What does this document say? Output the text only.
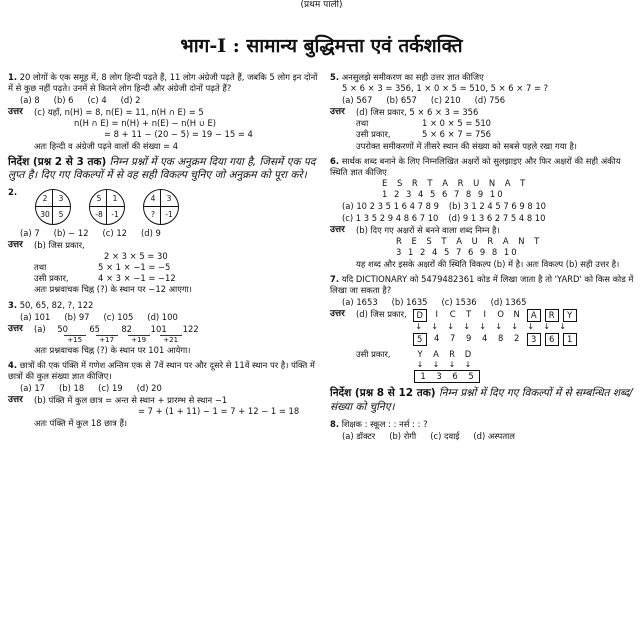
(प्रथम पाली)
भाग-I : सामान्य बुद्धिमत्ता एवं तर्कशक्ति

1. 20 लोगों के एक समूह में, 8 लोग हिन्दी पढ़ते हैं, 11 लोग अंग्रेजी पढ़ते हैं, जबकि 5 लोग इन दोनों में से कुछ नहीं पढ़ते। उनमें से कितने लोग हिन्दी और अंग्रेजी दोनों पढ़ते हैं?

(a) 8 (b) 6 (c) 4 (d) 2
उत्तर	(c) यहाँ, n(H) = 8, n(E) = 11, n(H ∩ E) = 5

n(H ∩ E) = n(H) + n(E) − n(H ∪ E)

= 8 + 11 − (20 − 5) = 19 − 15 = 4

अतः हिन्दी व अंग्रेजी पढ़ने वालों की संख्या = 4

निर्देश (प्रश्न 2 से 3 तक) निम्न प्रश्नों में एक अनुक्रम दिया गया है, जिसमें एक पद लुप्त है। दिए गए विकल्पों में से वह सही विकल्प चुनिए जो अनुक्रम को पूरा करे।
2.
2	3
30	5
5	1
-8	-1
4	3
?	-1
(a) 7 (b) − 12 (c) 12 (d) 9
उत्तर	(b) जिस प्रकार,

2 × 3 × 5 = 30

तथा	5 × 1 × −1 = −5

उसी प्रकार,	4 × 3 × −1 = −12

अतः प्रश्नवाचक चिह्न (?) के स्थान पर −12 आएगा।

3. 50, 65, 82, ?, 122

(a) 101 (b) 97 (c) 105 (d) 100
उत्तर	(a)	50	65	82	101	122
+15	+17	+19	+21

अतः प्रश्नवाचक चिह्न (?) के स्थान पर 101 आयेगा।

4. छात्रों की एक पंक्ति में गणेश अन्तिम एक से 7वें स्थान पर और दूसरे से 11वें स्थान पर है। पंक्ति में छात्रों की कुल संख्या ज्ञात कीजिए।

(a) 17 (b) 18 (c) 19 (d) 20
उत्तर	(b) पंक्ति में कुल छात्र = अन्त से स्थान + प्रारम्भ से स्थान −1

= 7 + (1 + 11) − 1 = 7 + 12 − 1 = 18

अतः पंक्ति में कुल 18 छात्र हैं।

5. अनसुलझे समीकरण का सही उत्तर ज्ञात कीजिए

5 × 6 × 3 = 356, 1 × 0 × 5 = 510, 5 × 6 × 7 = ?

(a) 567 (b) 657 (c) 210 (d) 756
उत्तर	(d) जिस प्रकार, 5 × 6 × 3 = 356

तथा	1 × 0 × 5 = 510

उसी प्रकार,	5 × 6 × 7 = 756

उपरोक्त समीकरणों में तीसरे स्थान की संख्या को सबसे पहले रखा गया है।

6. सार्थक शब्द बनाने के लिए निम्नलिखित अक्षरों को सुलझाइए और फिर अक्षरों की सही अंकीय स्थिति ज्ञात कीजिए

E S R T A R U N A T

1 2 3 4 5 6 7 8 9 10

(a) 10 2 3 5 1 6 4 7 8 9 (b) 3 1 2 4 5 7 6 9 8 10
(c) 1 3 5 2 9 4 8 6 7 10 (d) 9 1 3 6 2 7 5 4 8 10
उत्तर	(b) दिए गए अक्षरों से बनने वाला शब्द निम्न है।

R E S T A U R A N T

3 1 2 4 5 7 6 9 8 10

यह शब्द और इसके अक्षरों की स्थिति विकल्प (b) में है। अतः विकल्प (b) सही उत्तर है।

7. यदि DICTIONARY को 5479482361 कोड में लिखा जाता है तो 'YARD' को किस कोड में लिखा जा सकता है?

(a) 1653 (b) 1635 (c) 1536 (d) 1365
उत्तर	(d) जिस प्रकार,	D	I	C	T	I	O	N	A	R	Y
↓	↓	↓	↓	↓	↓	↓	↓	↓	↓
5	4	7	9	4	8	2	3	6	1
उसी प्रकार,	Y	A	R	D
↓	↓	↓	↓
1	3	6	5
निर्देश (प्रश्न 8 से 12 तक) निम्न प्रश्नों में दिए गए विकल्पों में से सम्बन्धित शब्द/संख्या को चुनिए।

8. शिक्षक : स्कूल : : नर्स : : ?

(a) डॉक्टर (b) रोगी (c) दवाई (d) अस्पताल
